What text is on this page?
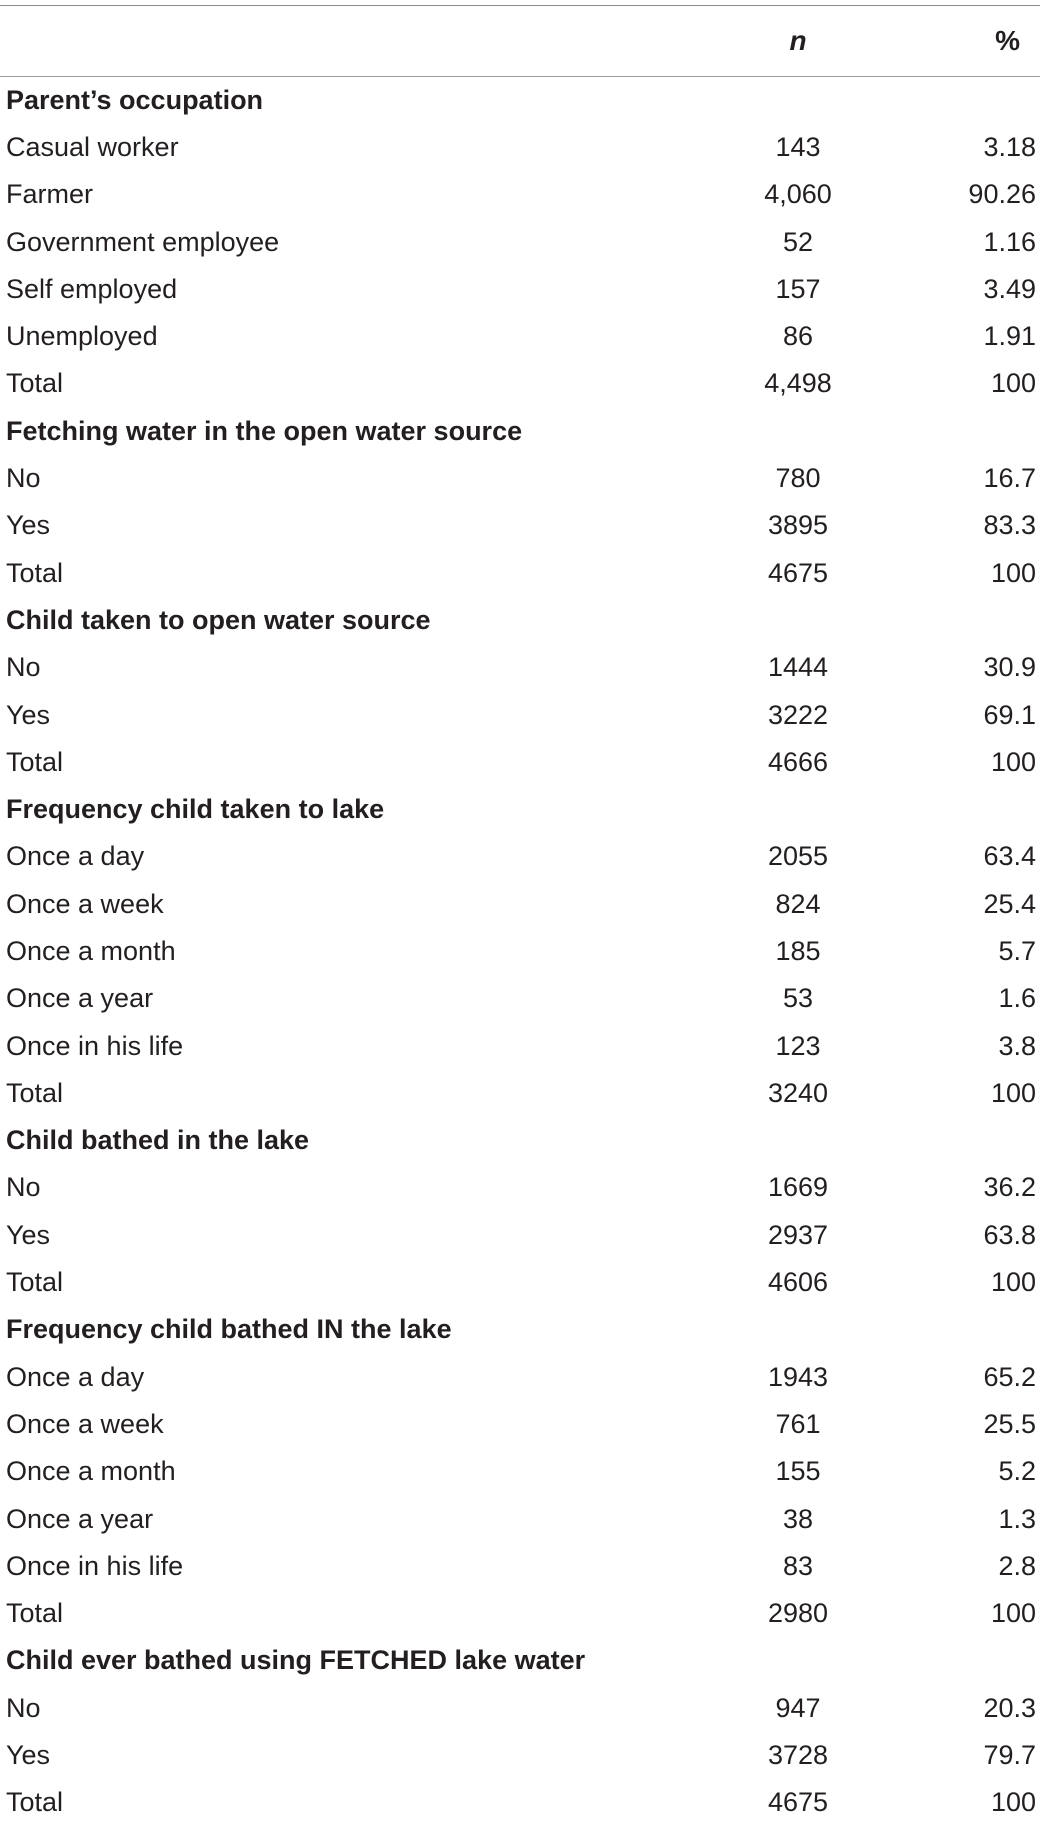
	n	%
Parent’s occupation		
Casual worker	143	3.18
Farmer	4,060	90.26
Government employee	52	1.16
Self employed	157	3.49
Unemployed	86	1.91
Total	4,498	100
Fetching water in the open water source		
No	780	16.7
Yes	3895	83.3
Total	4675	100
Child taken to open water source		
No	1444	30.9
Yes	3222	69.1
Total	4666	100
Frequency child taken to lake		
Once a day	2055	63.4
Once a week	824	25.4
Once a month	185	5.7
Once a year	53	1.6
Once in his life	123	3.8
Total	3240	100
Child bathed in the lake		
No	1669	36.2
Yes	2937	63.8
Total	4606	100
Frequency child bathed IN the lake		
Once a day	1943	65.2
Once a week	761	25.5
Once a month	155	5.2
Once a year	38	1.3
Once in his life	83	2.8
Total	2980	100
Child ever bathed using FETCHED lake water		
No	947	20.3
Yes	3728	79.7
Total	4675	100
